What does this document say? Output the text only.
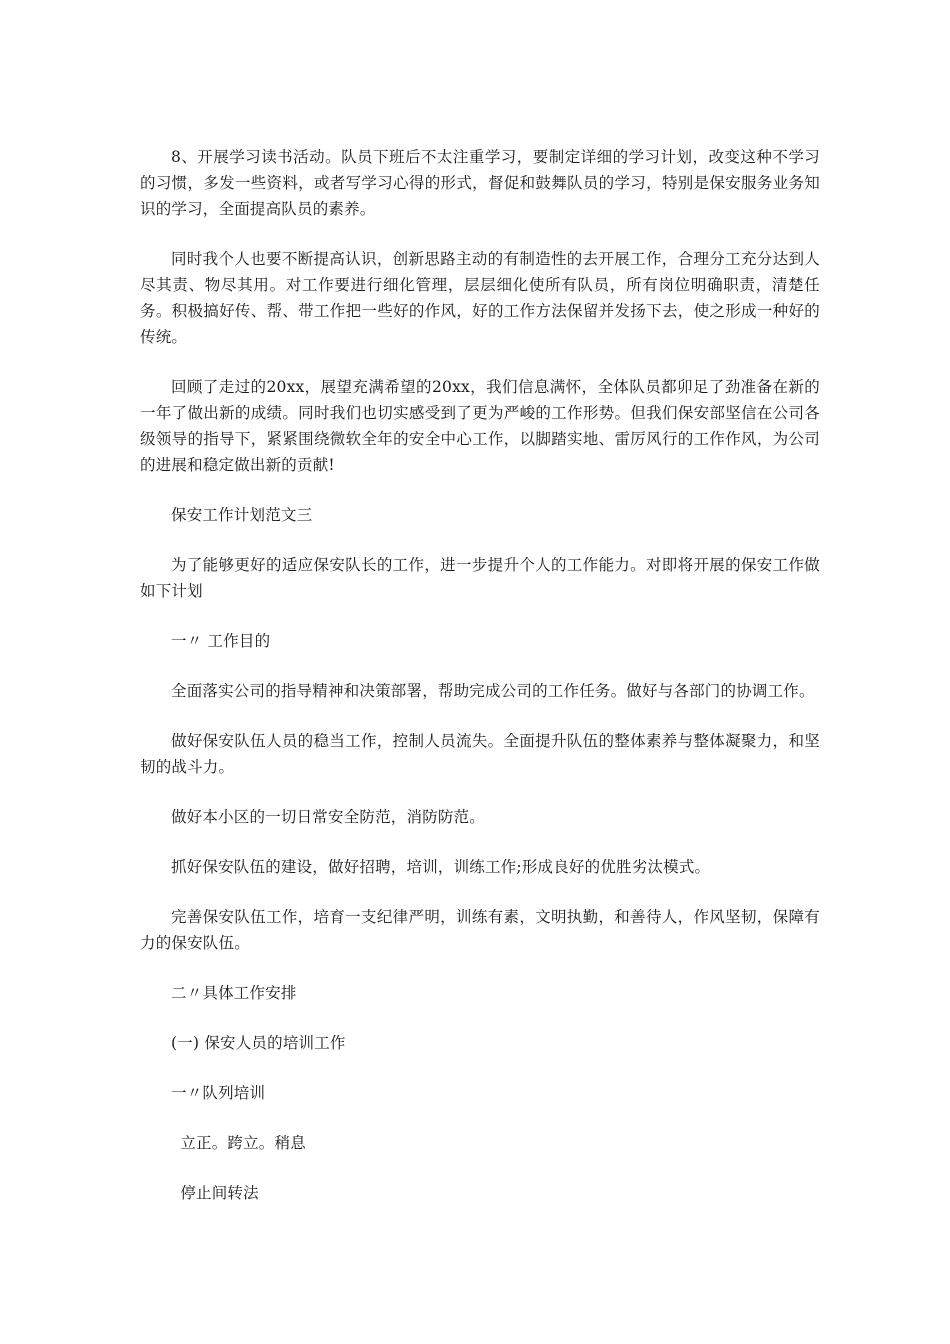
8、开展学习读书活动。队员下班后不太注重学习，要制定详细的学习计划，改变这种不学习的习惯，多发一些资料，或者写学习心得的形式，督促和鼓舞队员的学习，特别是保安服务业务知识的学习，全面提高队员的素养。

同时我个人也要不断提高认识，创新思路主动的有制造性的去开展工作，合理分工充分达到人尽其责、物尽其用。对工作要进行细化管理，层层细化使所有队员，所有岗位明确职责，清楚任务。积极搞好传、帮、带工作把一些好的作风，好的工作方法保留并发扬下去，使之形成一种好的传统。

回顾了走过的20xx，展望充满希望的20xx，我们信息满怀，全体队员都卯足了劲准备在新的一年了做出新的成绩。同时我们也切实感受到了更为严峻的工作形势。但我们保安部坚信在公司各级领导的指导下，紧紧围绕微软全年的安全中心工作，以脚踏实地、雷厉风行的工作作风，为公司的进展和稳定做出新的贡献!

保安工作计划范文三

为了能够更好的适应保安队长的工作，进一步提升个人的工作能力。对即将开展的保安工作做如下计划

一〃 工作目的

全面落实公司的指导精神和决策部署，帮助完成公司的工作任务。做好与各部门的协调工作。

做好保安队伍人员的稳当工作，控制人员流失。全面提升队伍的整体素养与整体凝聚力，和坚韧的战斗力。

做好本小区的一切日常安全防范，消防防范。

抓好保安队伍的建设，做好招聘，培训，训练工作;形成良好的优胜劣汰模式。

完善保安队伍工作，培育一支纪律严明，训练有素，文明执勤，和善待人，作风坚韧，保障有力的保安队伍。

二〃具体工作安排

(一) 保安人员的培训工作

一〃队列培训

立正。跨立。稍息

停止间转法
